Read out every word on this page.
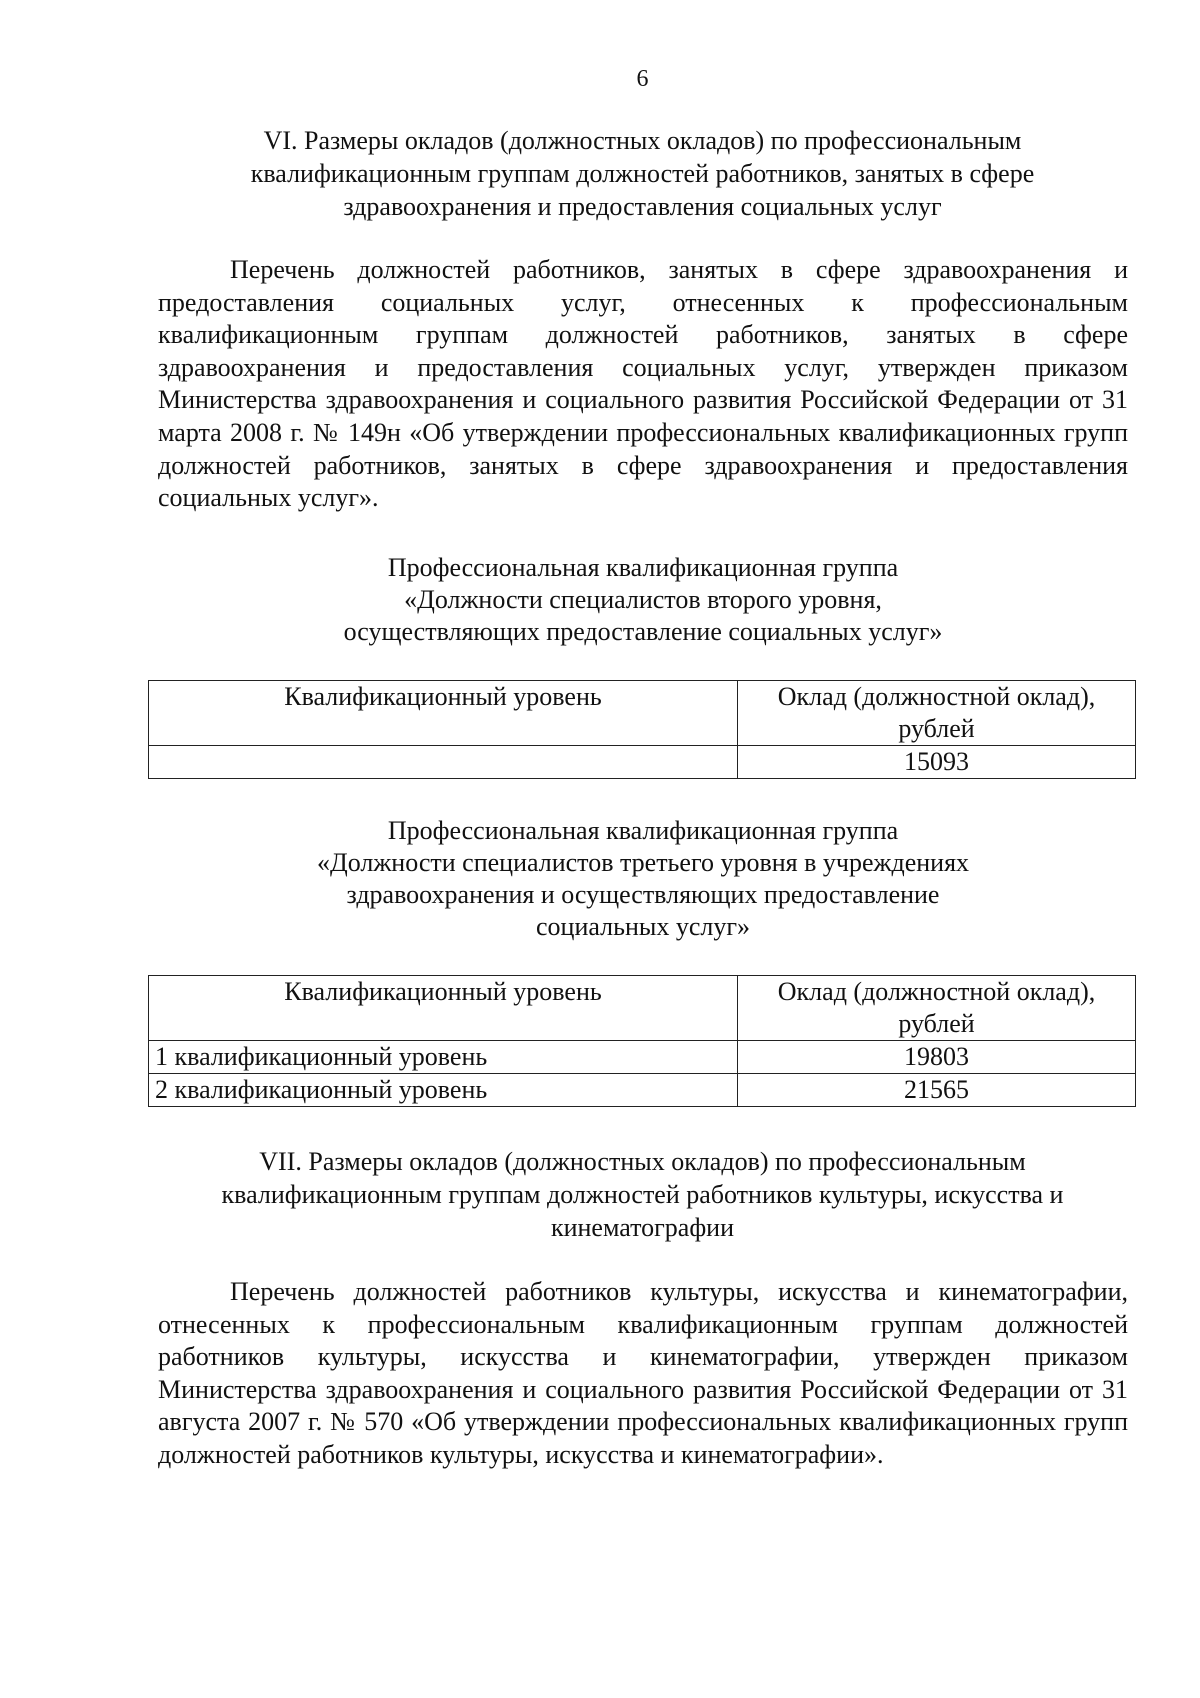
6
VI. Размеры окладов (должностных окладов) по профессиональным
квалификационным группам должностей работников, занятых в сфере
здравоохранения и предоставления социальных услуг
Перечень должностей работников, занятых в сфере здравоохранения и предоставления социальных услуг, отнесенных к профессиональным квалификационным группам должностей работников, занятых в сфере здравоохранения и предоставления социальных услуг, утвержден приказом Министерства здравоохранения и социального развития Российской Федерации от 31 марта 2008 г. № 149н «Об утверждении профессиональных квалификационных групп должностей работников, занятых в сфере здравоохранения и предоставления социальных услуг».
Профессиональная квалификационная группа
«Должности специалистов второго уровня,
осуществляющих предоставление социальных услуг»
Квалификационный уровень	Оклад (должностной оклад),
рублей

	15093
Профессиональная квалификационная группа
«Должности специалистов третьего уровня в учреждениях
здравоохранения и осуществляющих предоставление
социальных услуг»
Квалификационный уровень	Оклад (должностной оклад),
рублей

1 квалификационный уровень	19803
2 квалификационный уровень	21565
VII. Размеры окладов (должностных окладов) по профессиональным
квалификационным группам должностей работников культуры, искусства и
кинематографии
Перечень должностей работников культуры, искусства и кинематографии, отнесенных к профессиональным квалификационным группам должностей работников культуры, искусства и кинематографии, утвержден приказом Министерства здравоохранения и социального развития Российской Федерации от 31 августа 2007 г. № 570 «Об утверждении профессиональных квалификационных групп должностей работников культуры, искусства и кинематографии».
